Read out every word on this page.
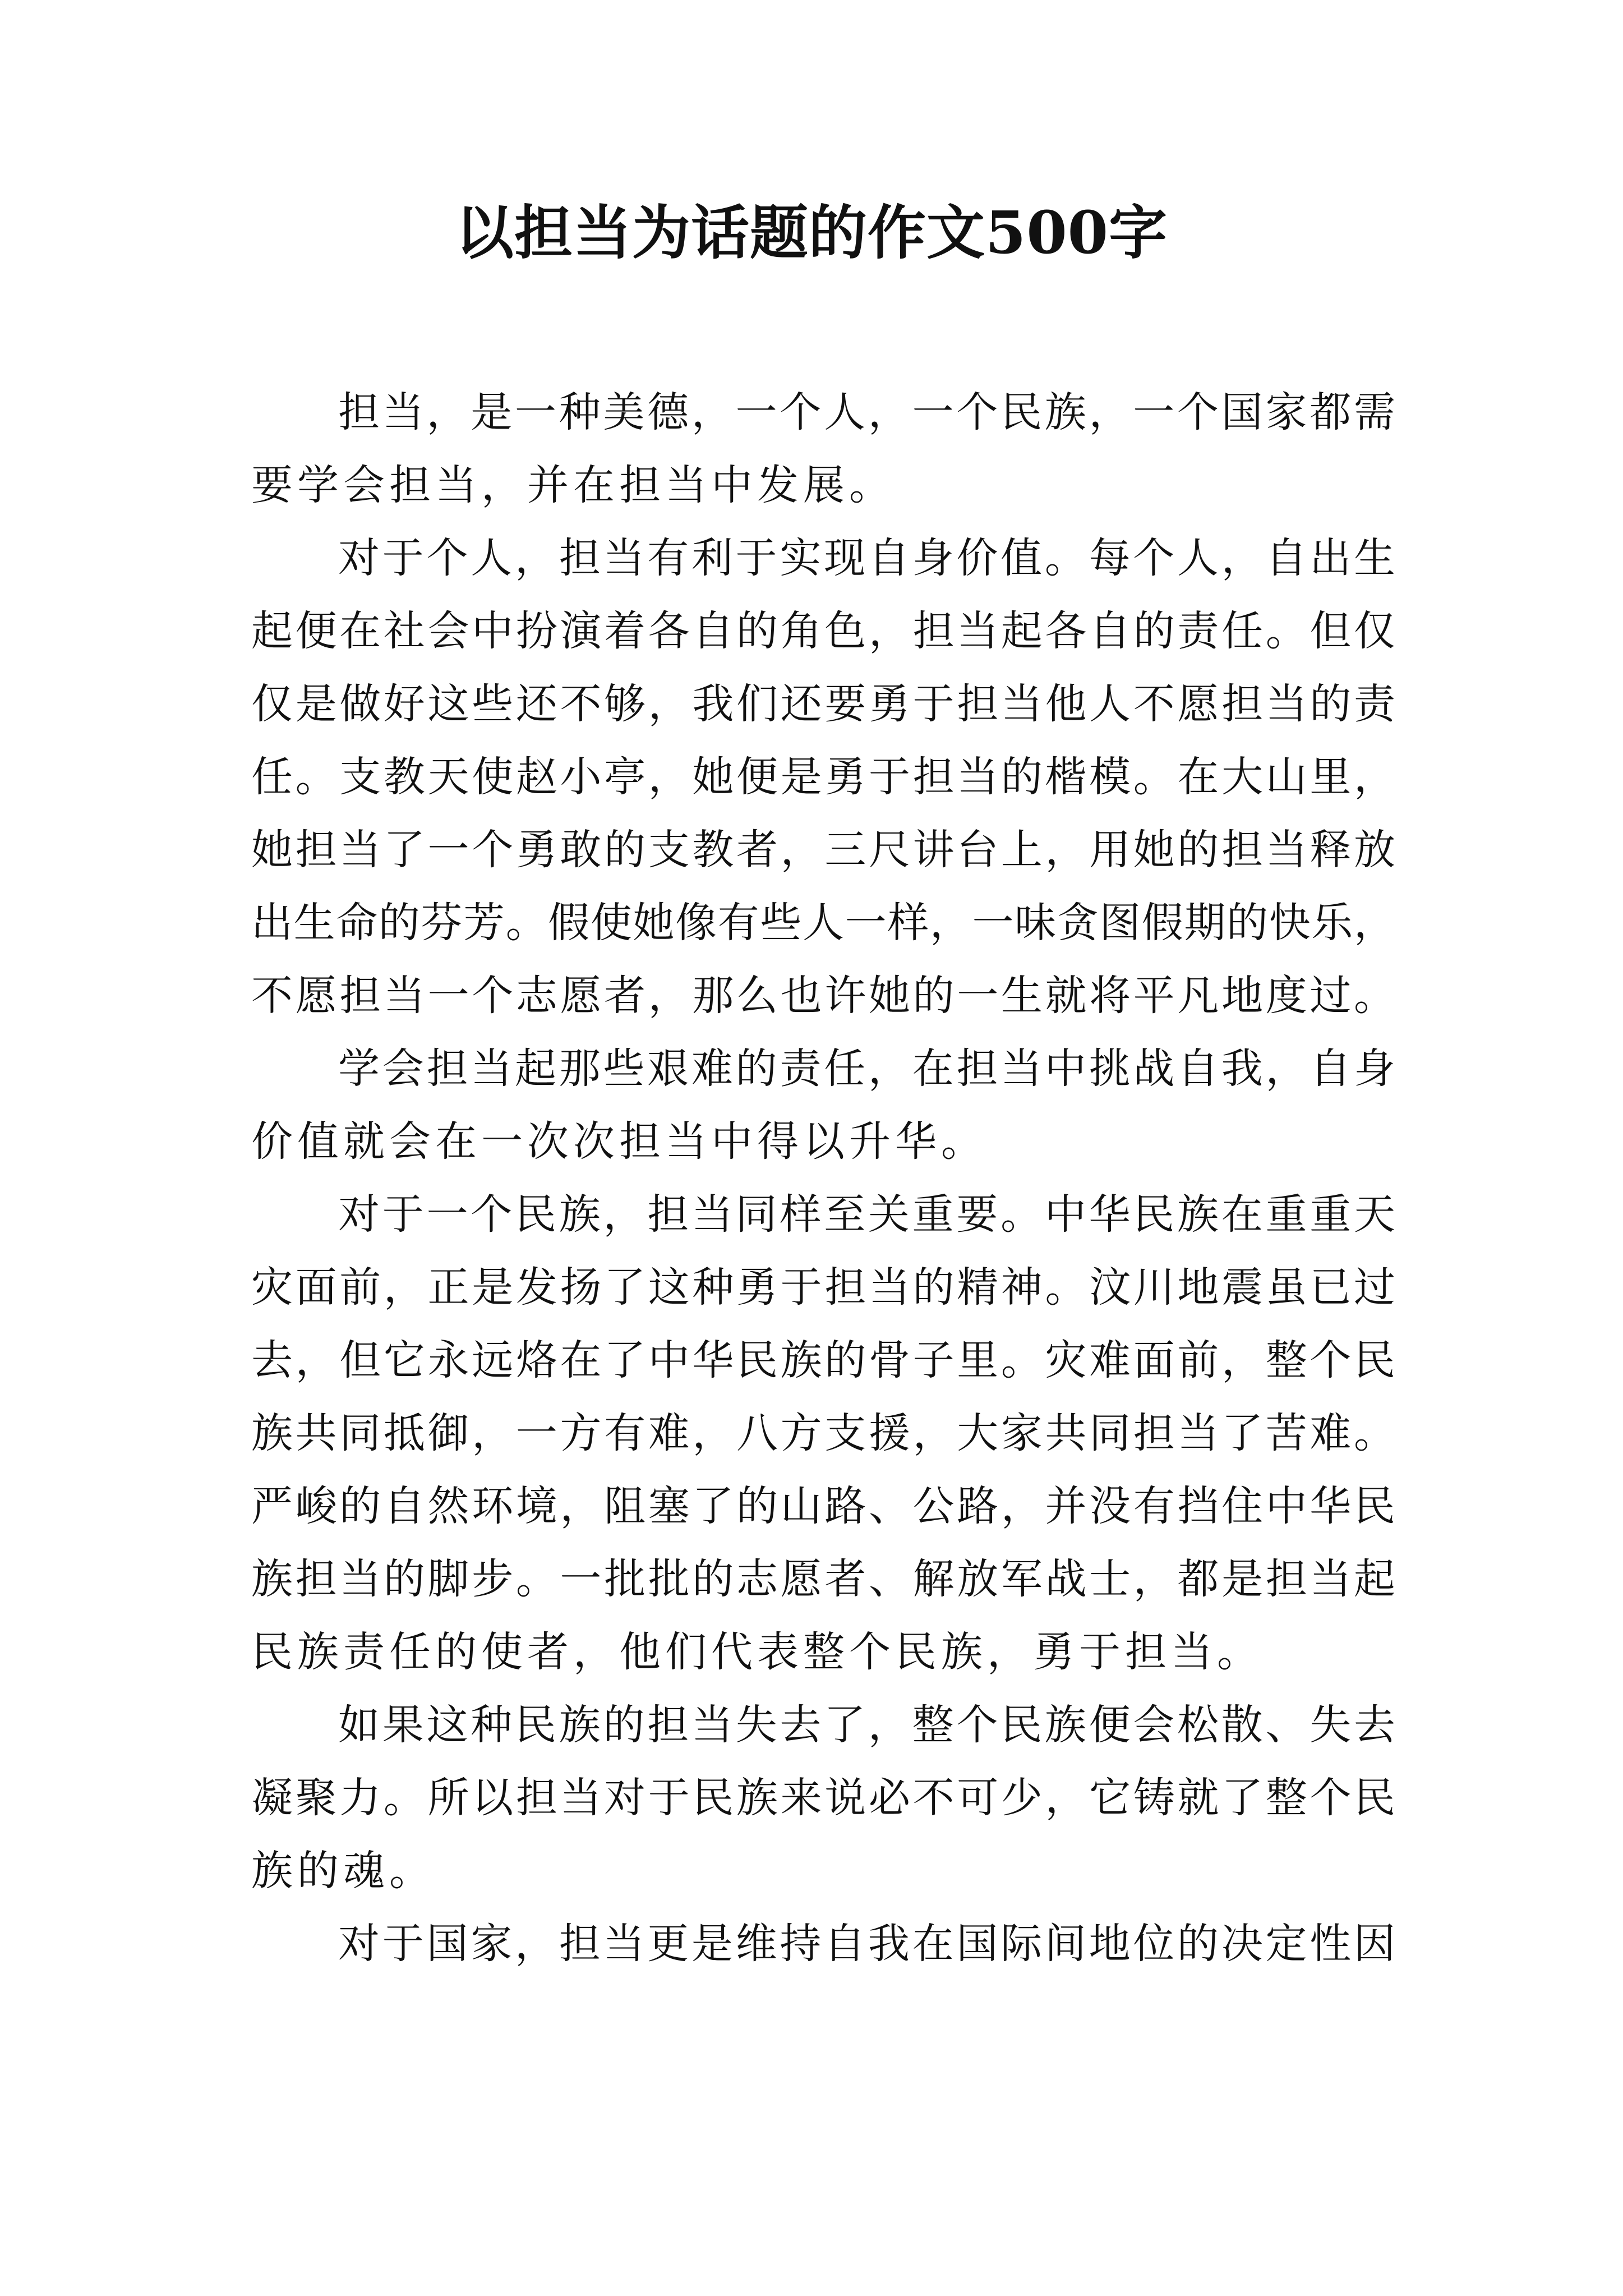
以担当为话题的作文500字
担当，是一种美德，一个人，一个民族，一个国家都需
要学会担当，并在担当中发展。
对于个人，担当有利于实现自身价值。每个人，自出生
起便在社会中扮演着各自的角色，担当起各自的责任。但仅
仅是做好这些还不够，我们还要勇于担当他人不愿担当的责
任。支教天使赵小亭，她便是勇于担当的楷模。在大山里，
她担当了一个勇敢的支教者，三尺讲台上，用她的担当释放
出生命的芬芳。假使她像有些人一样，一味贪图假期的快乐，
不愿担当一个志愿者，那么也许她的一生就将平凡地度过。
学会担当起那些艰难的责任，在担当中挑战自我，自身
价值就会在一次次担当中得以升华。
对于一个民族，担当同样至关重要。中华民族在重重天
灾面前，正是发扬了这种勇于担当的精神。汶川地震虽已过
去，但它永远烙在了中华民族的骨子里。灾难面前，整个民
族共同抵御，一方有难，八方支援，大家共同担当了苦难。
严峻的自然环境，阻塞了的山路、公路，并没有挡住中华民
族担当的脚步。一批批的志愿者、解放军战士，都是担当起
民族责任的使者，他们代表整个民族，勇于担当。
如果这种民族的担当失去了，整个民族便会松散、失去
凝聚力。所以担当对于民族来说必不可少，它铸就了整个民
族的魂。
对于国家，担当更是维持自我在国际间地位的决定性因
